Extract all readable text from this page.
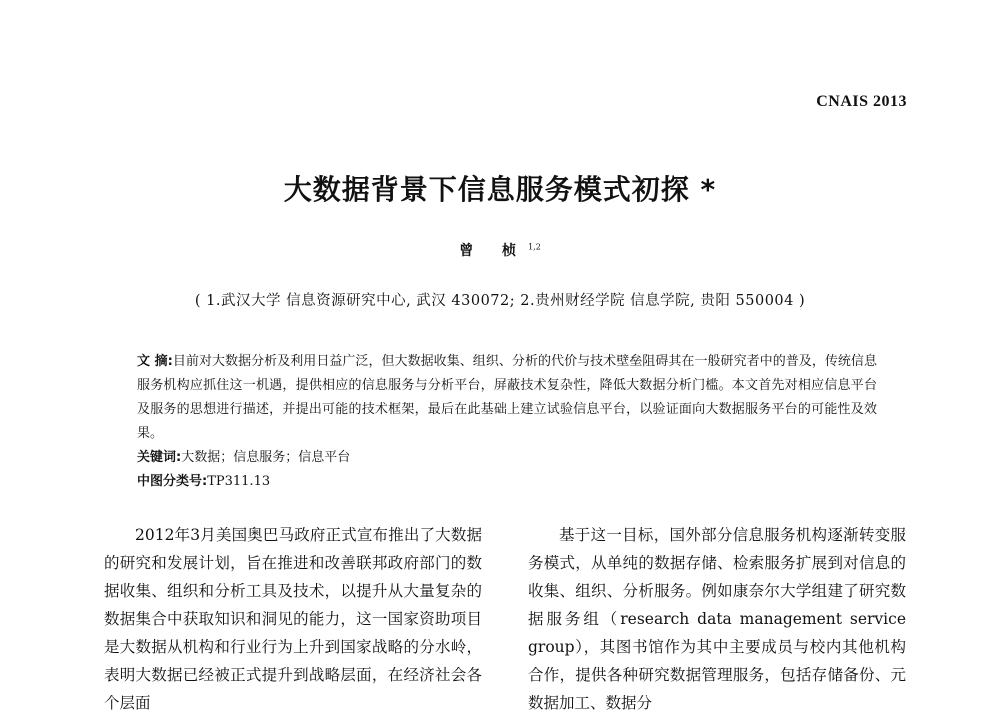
CNAIS 2013
大数据背景下信息服务模式初探 *
曾 桢$^{1,2}$
( 1.武汉大学 信息资源研究中心, 武汉 430072; 2.贵州财经学院 信息学院, 贵阳 550004 )

文 摘:目前对大数据分析及利用日益广泛，但大数据收集、组织、分析的代价与技术壁垒阻碍其在一般研究者中的普及，传统信息服务机构应抓住这一机遇，提供相应的信息服务与分析平台，屏蔽技术复杂性，降低大数据分析门槛。本文首先对相应信息平台及服务的思想进行描述，并提出可能的技术框架，最后在此基础上建立试验信息平台，以验证面向大数据服务平台的可能性及效果。

关键词:大数据；信息服务；信息平台

中图分类号:TP311.13

2012年3月美国奥巴马政府正式宣布推出了大数据的研究和发展计划，旨在推进和改善联邦政府部门的数据收集、组织和分析工具及技术，以提升从大量复杂的数据集合中获取知识和洞见的能力，这一国家资助项目是大数据从机构和行业行为上升到国家战略的分水岭，表明大数据已经被正式提升到战略层面，在经济社会各个层面

基于这一目标，国外部分信息服务机构逐渐转变服务模式，从单纯的数据存储、检索服务扩展到对信息的收集、组织、分析服务。例如康奈尔大学组建了研究数据服务组（research data management service group），其图书馆作为其中主要成员与校内其他机构合作，提供各种研究数据管理服务，包括存储备份、元数据加工、数据分
